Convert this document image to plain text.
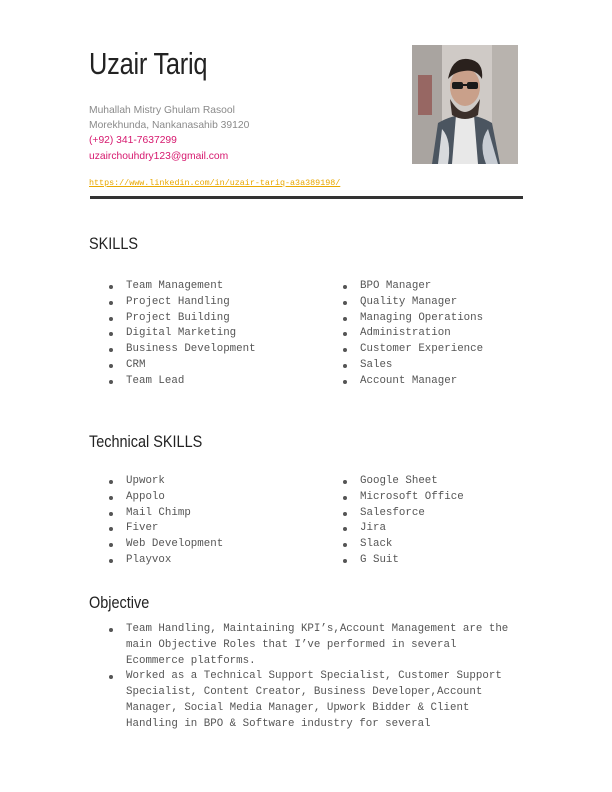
Uzair Tariq
Muhallah Mistry Ghulam Rasool
Morekhunda, Nankanasahib 39120
(+92) 341-7637299
uzairchouhdry123@gmail.com
https://www.linkedin.com/in/uzair-tariq-a3a389198/
SKILLS
Team Management
Project Handling
Project Building
Digital Marketing
Business Development
CRM
Team Lead
BPO Manager
Quality Manager
Managing Operations
Administration
Customer Experience
Sales
Account Manager
Technical SKILLS
Upwork
Appolo
Mail Chimp
Fiver
Web Development
Playvox
Google Sheet
Microsoft Office
Salesforce
Jira
Slack
G Suit
Objective
Team Handling, Maintaining KPI’s,Account Management are the main Objective Roles that I’ve performed in several Ecommerce platforms.
Worked as a Technical Support Specialist, Customer Support Specialist, Content Creator, Business Developer,Account Manager, Social Media Manager, Upwork Bidder & Client Handling in BPO & Software industry for several
